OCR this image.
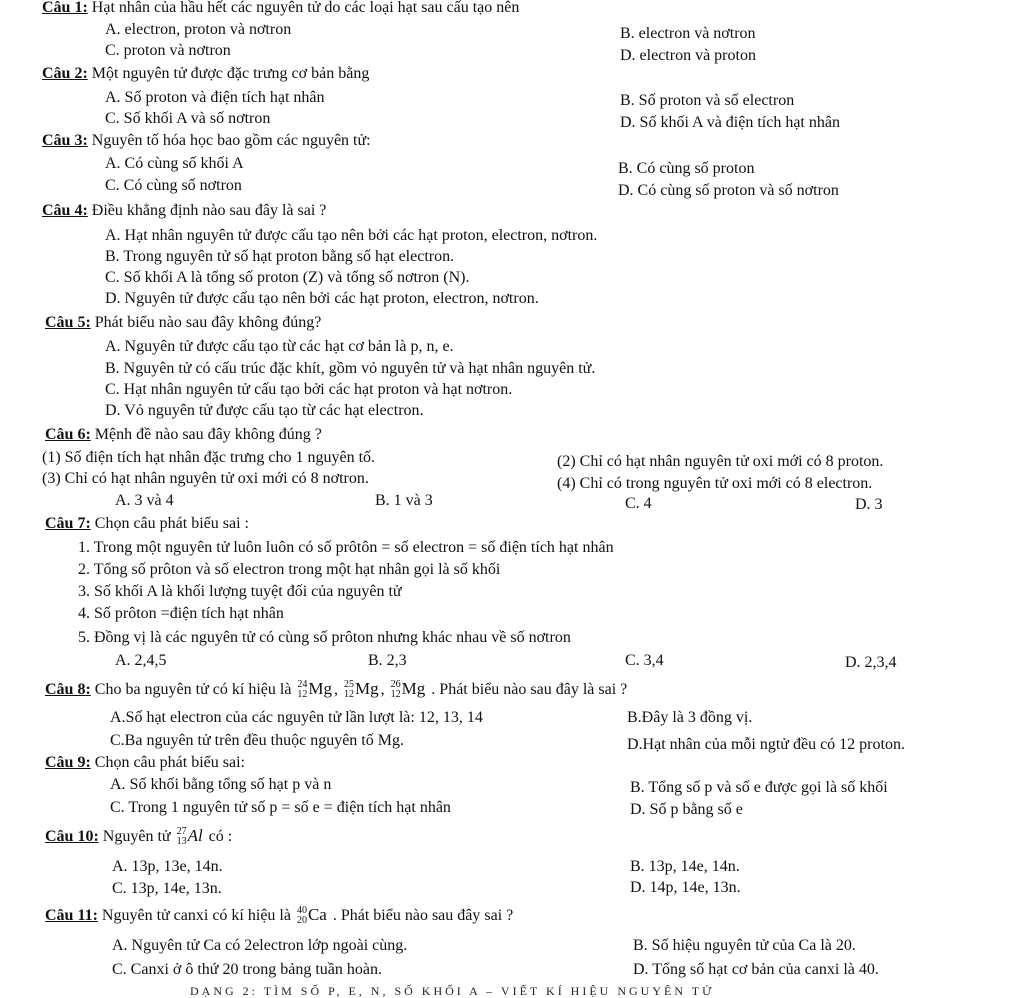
Câu 1: Hạt nhân của hầu hết các nguyên tử do các loại hạt sau cấu tạo nên
A. electron, proton và nơtron	B. electron và nơtron
C. proton và nơtron	D. electron và proton
Câu 2: Một nguyên tử được đặc trưng cơ bản bằng
A. Số proton và điện tích hạt nhân	B. Số proton và số electron
C. Số khối A và số nơtron	D. Số khối A và điện tích hạt nhân
Câu 3: Nguyên tố hóa học bao gồm các nguyên tử:
A. Có cùng số khối A	B. Có cùng số proton
C. Có cùng số nơtron	D. Có cùng số proton và số nơtron
Câu 4: Điều khẳng định nào sau đây là sai ?
A. Hạt nhân nguyên tử được cấu tạo nên bởi các hạt proton, electron, nơtron.
B. Trong nguyên tử số hạt proton bằng số hạt electron.
C. Số khối A là tổng số proton (Z) và tổng số nơtron (N).
D. Nguyên tử được cấu tạo nên bởi các hạt proton, electron, nơtron.
Câu 5: Phát biểu nào sau đây không đúng?
A. Nguyên tử được cấu tạo từ các hạt cơ bản là p, n, e.
B. Nguyên tử có cấu trúc đặc khít, gồm vỏ nguyên tử và hạt nhân nguyên tử.
C. Hạt nhân nguyên tử cấu tạo bởi các hạt proton và hạt nơtron.
D. Vỏ nguyên tử được cấu tạo từ các hạt electron.
Câu 6: Mệnh đề nào sau đây không đúng ?
(1) Số điện tích hạt nhân đặc trưng cho 1 nguyên tố.	(2) Chỉ có hạt nhân nguyên tử oxi mới có 8 proton.
(3) Chỉ có hạt nhân nguyên tử oxi mới có 8 nơtron.	(4) Chỉ có trong nguyên tử oxi mới có 8 electron.
A. 3 và 4	B. 1 và 3	C. 4	D. 3
Câu 7: Chọn câu phát biểu sai :
1. Trong một nguyên tử luôn luôn có số prôtôn = số electron = số điện tích hạt nhân
2. Tổng số prôton và số electron trong một hạt nhân gọi là số khối
3. Số khối A là khối lượng tuyệt đối của nguyên tử
4. Số prôton =điện tích hạt nhân
5. Đồng vị là các nguyên tử có cùng số prôton nhưng khác nhau về số nơtron
A. 2,4,5	B. 2,3	C. 3,4	D. 2,3,4
Câu 8: Cho ba nguyên tử có kí hiệu là 24
12 Mg , 25
12 Mg , 26
12 Mg . Phát biểu nào sau đây là sai ?
A.Số hạt electron của các nguyên tử lần lượt là: 12, 13, 14	B.Đây là 3 đồng vị.
C.Ba nguyên tử trên đều thuộc nguyên tố Mg.	D.Hạt nhân của mỗi ngtử đều có 12 proton.
Câu 9: Chọn câu phát biểu sai:
A. Số khối bằng tổng số hạt p và n	B. Tổng số p và số e được gọi là số khối
C. Trong 1 nguyên tử số p = số e = điện tích hạt nhân	D. Số p bằng số e
Câu 10: Nguyên tử 27
13 Al có :
A. 13p, 13e, 14n.	B. 13p, 14e, 14n.
C. 13p, 14e, 13n.	D. 14p, 14e, 13n.
Câu 11: Nguyên tử canxi có kí hiệu là 40
20 Ca . Phát biểu nào sau đây sai ?
A. Nguyên tử Ca có 2electron lớp ngoài cùng.	B. Số hiệu nguyên tử của Ca là 20.
C. Canxi ở ô thứ 20 trong bảng tuần hoàn.	D. Tổng số hạt cơ bản của canxi là 40.
DẠNG 2: TÌM SỐ P, E, N, SỐ KHỐI A – VIẾT KÍ HIỆU NGUYÊN TỬ
